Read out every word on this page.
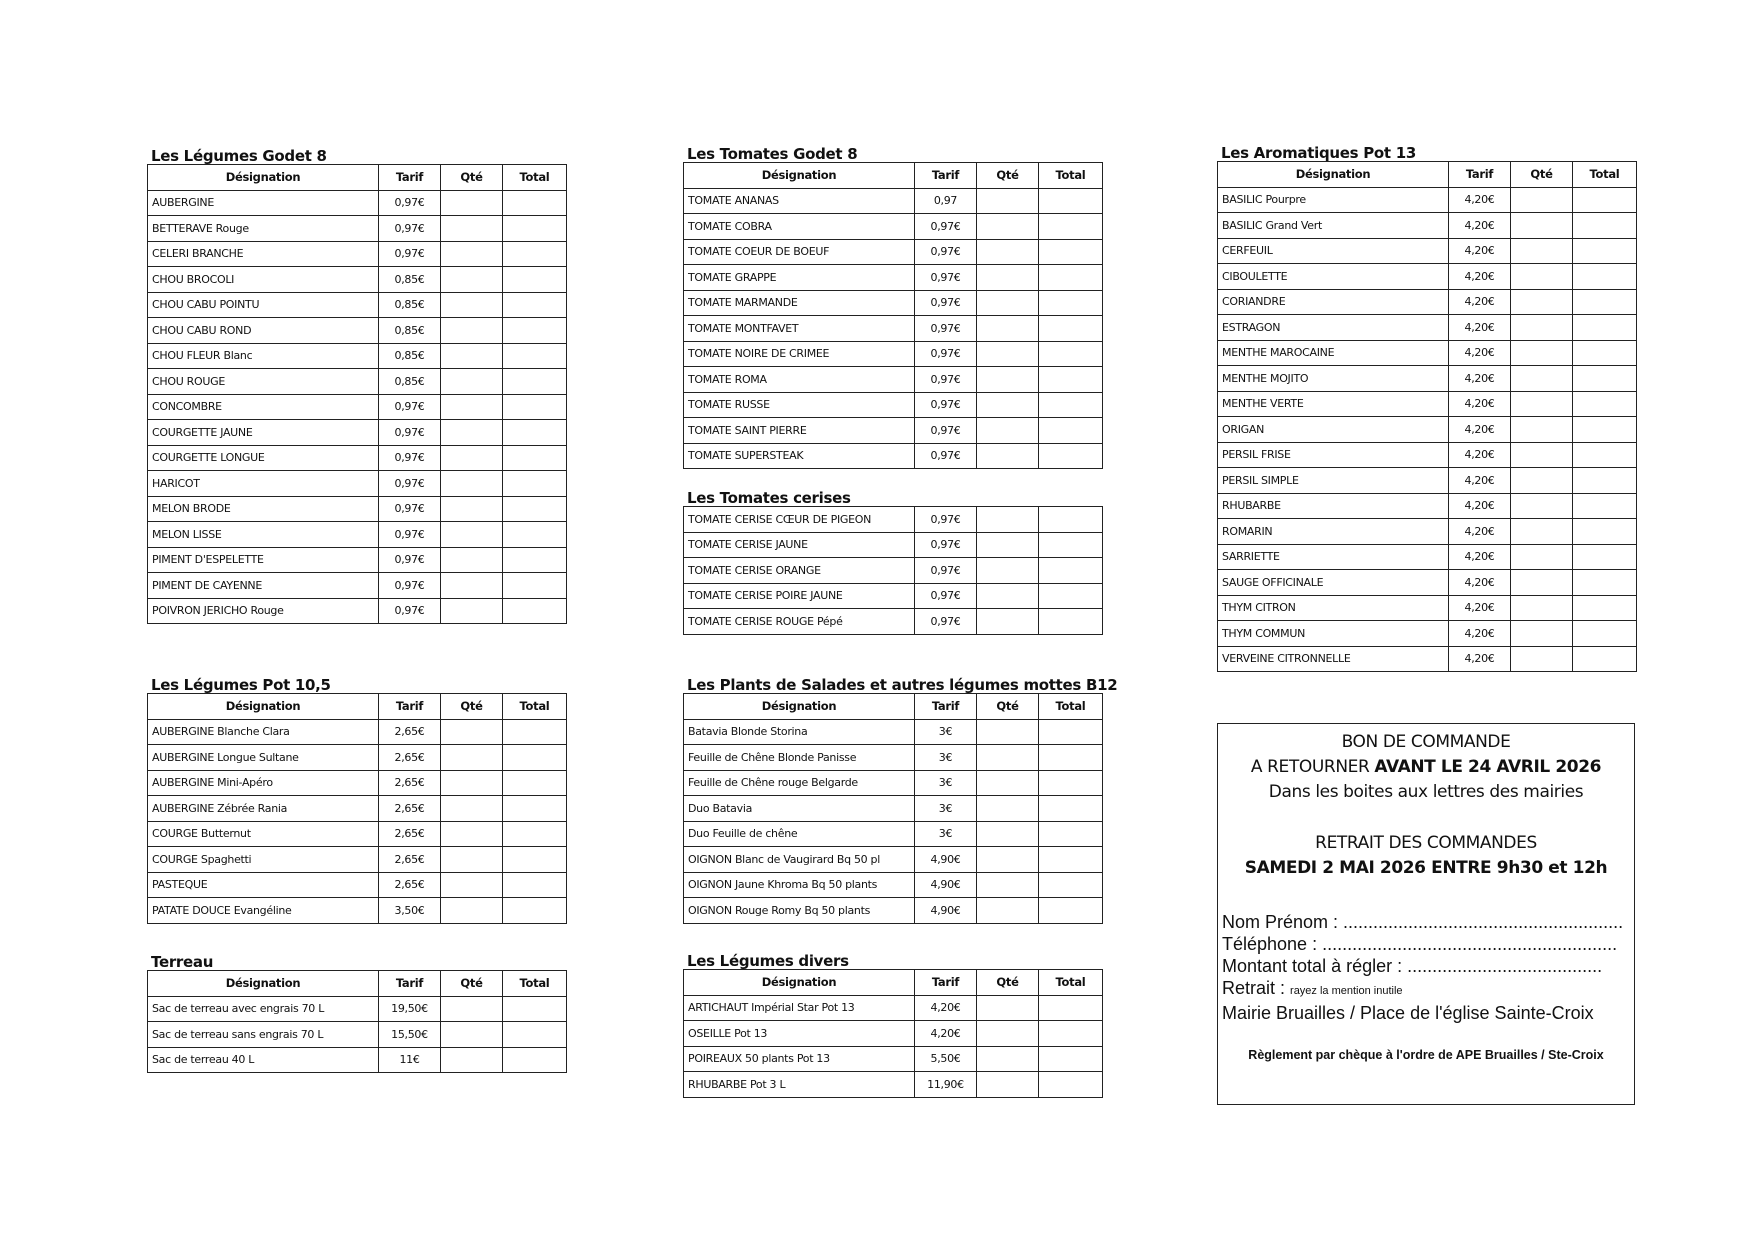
Les Légumes Godet 8
Désignation	Tarif	Qté	Total
AUBERGINE	0,97€		
BETTERAVE Rouge	0,97€		
CELERI BRANCHE	0,97€		
CHOU BROCOLI	0,85€		
CHOU CABU POINTU	0,85€		
CHOU CABU ROND	0,85€		
CHOU FLEUR Blanc	0,85€		
CHOU ROUGE	0,85€		
CONCOMBRE	0,97€		
COURGETTE JAUNE	0,97€		
COURGETTE LONGUE	0,97€		
HARICOT	0,97€		
MELON BRODE	0,97€		
MELON LISSE	0,97€		
PIMENT D'ESPELETTE	0,97€		
PIMENT DE CAYENNE	0,97€		
POIVRON JERICHO Rouge	0,97€		
Les Légumes Pot 10,5
Désignation	Tarif	Qté	Total
AUBERGINE Blanche Clara	2,65€		
AUBERGINE Longue Sultane	2,65€		
AUBERGINE Mini-Apéro	2,65€		
AUBERGINE Zébrée Rania	2,65€		
COURGE Butternut	2,65€		
COURGE Spaghetti	2,65€		
PASTEQUE	2,65€		
PATATE DOUCE Evangéline	3,50€		
Terreau
Désignation	Tarif	Qté	Total
Sac de terreau avec engrais 70 L	19,50€		
Sac de terreau sans engrais 70 L	15,50€		
Sac de terreau 40 L	11€		
Les Tomates Godet 8
Désignation	Tarif	Qté	Total
TOMATE ANANAS	0,97		
TOMATE COBRA	0,97€		
TOMATE COEUR DE BOEUF	0,97€		
TOMATE GRAPPE	0,97€		
TOMATE MARMANDE	0,97€		
TOMATE MONTFAVET	0,97€		
TOMATE NOIRE DE CRIMEE	0,97€		
TOMATE ROMA	0,97€		
TOMATE RUSSE	0,97€		
TOMATE SAINT PIERRE	0,97€		
TOMATE SUPERSTEAK	0,97€		
Les Tomates cerises
TOMATE CERISE CŒUR DE PIGEON	0,97€		
TOMATE CERISE JAUNE	0,97€		
TOMATE CERISE ORANGE	0,97€		
TOMATE CERISE POIRE JAUNE	0,97€		
TOMATE CERISE ROUGE Pépé	0,97€		
Les Plants de Salades et autres légumes mottes B12
Désignation	Tarif	Qté	Total
Batavia Blonde Storina	3€		
Feuille de Chêne Blonde Panisse	3€		
Feuille de Chêne rouge Belgarde	3€		
Duo Batavia	3€		
Duo Feuille de chêne	3€		
OIGNON Blanc de Vaugirard Bq 50 pl	4,90€		
OIGNON Jaune Khroma Bq 50 plants	4,90€		
OIGNON Rouge Romy Bq 50 plants	4,90€		
Les Légumes divers
Désignation	Tarif	Qté	Total
ARTICHAUT Impérial Star Pot 13	4,20€		
OSEILLE Pot 13	4,20€		
POIREAUX 50 plants Pot 13	5,50€		
RHUBARBE Pot 3 L	11,90€		
Les Aromatiques Pot 13
Désignation	Tarif	Qté	Total
BASILIC Pourpre	4,20€		
BASILIC Grand Vert	4,20€		
CERFEUIL	4,20€		
CIBOULETTE	4,20€		
CORIANDRE	4,20€		
ESTRAGON	4,20€		
MENTHE MAROCAINE	4,20€		
MENTHE MOJITO	4,20€		
MENTHE VERTE	4,20€		
ORIGAN	4,20€		
PERSIL FRISE	4,20€		
PERSIL SIMPLE	4,20€		
RHUBARBE	4,20€		
ROMARIN	4,20€		
SARRIETTE	4,20€		
SAUGE OFFICINALE	4,20€		
THYM CITRON	4,20€		
THYM COMMUN	4,20€		
VERVEINE CITRONNELLE	4,20€		
BON DE COMMANDE
A RETOURNER AVANT LE 24 AVRIL 2026
Dans les boites aux lettres des mairies
RETRAIT DES COMMANDES
SAMEDI 2 MAI 2026 ENTRE 9h30 et 12h
Nom Prénom : ........................................................
Téléphone : ...........................................................
Montant total à régler : .......................................
Retrait : rayez la mention inutile
Mairie Bruailles / Place de l'église Sainte-Croix
Règlement par chèque à l'ordre de APE Bruailles / Ste-Croix
